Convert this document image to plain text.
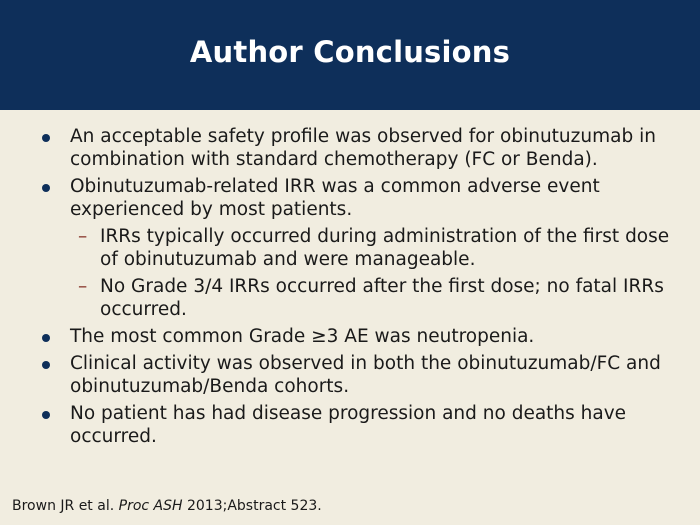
Author Conclusions
An acceptable safety profile was observed for obinutuzumab in combination with standard chemotherapy (FC or Benda).
Obinutuzumab-related IRR was a common adverse event experienced by most patients.
– IRRs typically occurred during administration of the first dose of obinutuzumab and were manageable.
– No Grade 3/4 IRRs occurred after the first dose; no fatal IRRs occurred.
The most common Grade ≥3 AE was neutropenia.
Clinical activity was observed in both the obinutuzumab/FC and obinutuzumab/Benda cohorts.
No patient has had disease progression and no deaths have occurred.
Brown JR et al. Proc ASH 2013;Abstract 523.
